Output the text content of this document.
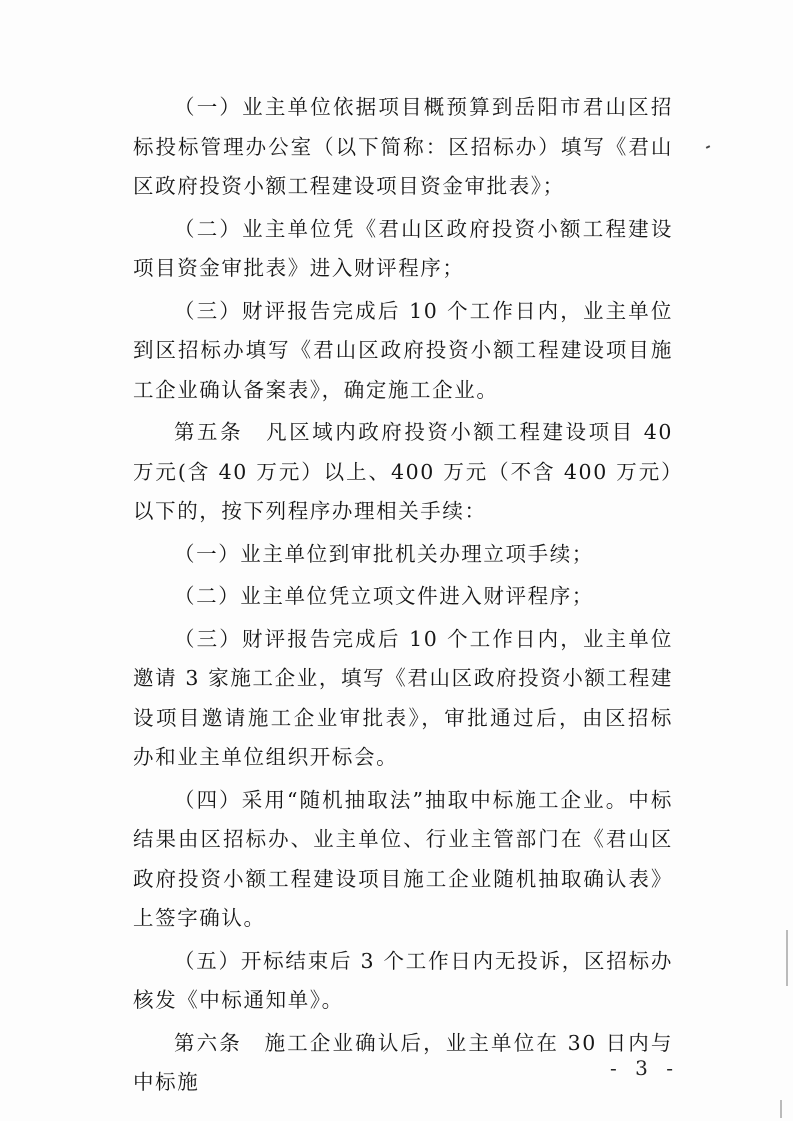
（一）业主单位依据项目概预算到岳阳市君山区招标投标管理办公室（以下简称：区招标办）填写《君山区政府投资小额工程建设项目资金审批表》；

（二）业主单位凭《君山区政府投资小额工程建设项目资金审批表》进入财评程序；

（三）财评报告完成后 10 个工作日内，业主单位到区招标办填写《君山区政府投资小额工程建设项目施工企业确认备案表》，确定施工企业。

第五条　凡区域内政府投资小额工程建设项目 40 万元(含 40 万元）以上、400 万元（不含 400 万元）以下的，按下列程序办理相关手续：

（一）业主单位到审批机关办理立项手续；

（二）业主单位凭立项文件进入财评程序；

（三）财评报告完成后 10 个工作日内，业主单位邀请 3 家施工企业，填写《君山区政府投资小额工程建设项目邀请施工企业审批表》，审批通过后，由区招标办和业主单位组织开标会。

（四）采用“随机抽取法”抽取中标施工企业。中标结果由区招标办、业主单位、行业主管部门在《君山区政府投资小额工程建设项目施工企业随机抽取确认表》上签字确认。

（五）开标结束后 3 个工作日内无投诉，区招标办核发《中标通知单》。

第六条　施工企业确认后，业主单位在 30 日内与中标施

- 3 -
